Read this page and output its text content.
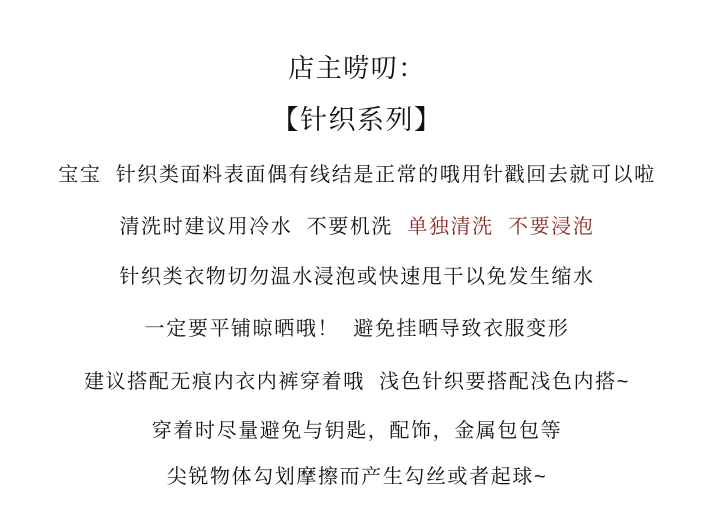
店主唠叨：
【针织系列】

宝宝  针织类面料表面偶有线结是正常的哦用针戳回去就可以啦

清洗时建议用冷水  不要机洗  单独清洗  不要浸泡

针织类衣物切勿温水浸泡或快速甩干以免发生缩水

一定要平铺晾晒哦！  避免挂晒导致衣服变形

建议搭配无痕内衣内裤穿着哦  浅色针织要搭配浅色内搭~

穿着时尽量避免与钥匙，配饰，金属包包等

尖锐物体勾划摩擦而产生勾丝或者起球~
